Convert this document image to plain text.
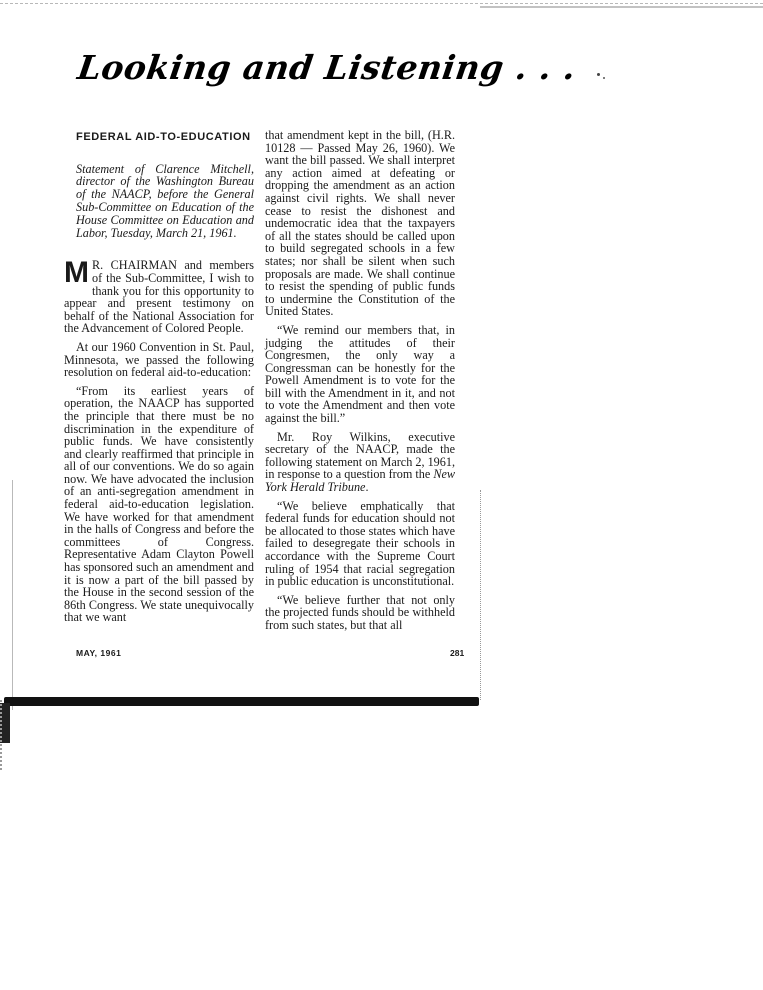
Looking and Listening . . .
FEDERAL AID-TO-EDUCATION
Statement of Clarence Mitchell, director of the Washington Bureau of the NAACP, before the General Sub-Committee on Education of the House Committee on Education and Labor, Tuesday, March 21, 1961.

M R. CHAIRMAN and members of the Sub-Committee, I wish to thank you for this opportunity to appear and present testimony on behalf of the National Association for the Advancement of Colored People.

At our 1960 Convention in St. Paul, Minnesota, we passed the following resolution on federal aid-to-education:

“From its earliest years of operation, the NAACP has supported the principle that there must be no discrimination in the expenditure of public funds. We have consistently and clearly reaffirmed that principle in all of our conventions. We do so again now. We have advocated the inclusion of an anti-segregation amendment in federal aid-to-education legislation. We have worked for that amendment in the halls of Congress and before the committees of Congress. Representative Adam Clayton Powell has sponsored such an amendment and it is now a part of the bill passed by the House in the second session of the 86th Congress. We state unequivocally that we want

that amendment kept in the bill, (H.R. 10128 — Passed May 26, 1960). We want the bill passed. We shall interpret any action aimed at defeating or dropping the amendment as an action against civil rights. We shall never cease to resist the dishonest and undemocratic idea that the taxpayers of all the states should be called upon to build segregated schools in a few states; nor shall be silent when such proposals are made. We shall continue to resist the spending of public funds to undermine the Constitution of the United States.

“We remind our members that, in judging the attitudes of their Congresmen, the only way a Congressman can be honestly for the Powell Amendment is to vote for the bill with the Amendment in it, and not to vote the Amendment and then vote against the bill.”

Mr. Roy Wilkins, executive secretary of the NAACP, made the following statement on March 2, 1961, in response to a question from the New York Herald Tribune.

“We believe emphatically that federal funds for education should not be allocated to those states which have failed to desegregate their schools in accordance with the Supreme Court ruling of 1954 that racial segregation in public education is unconstitutional.

“We believe further that not only the projected funds should be withheld from such states, but that all

MAY, 1961	281
